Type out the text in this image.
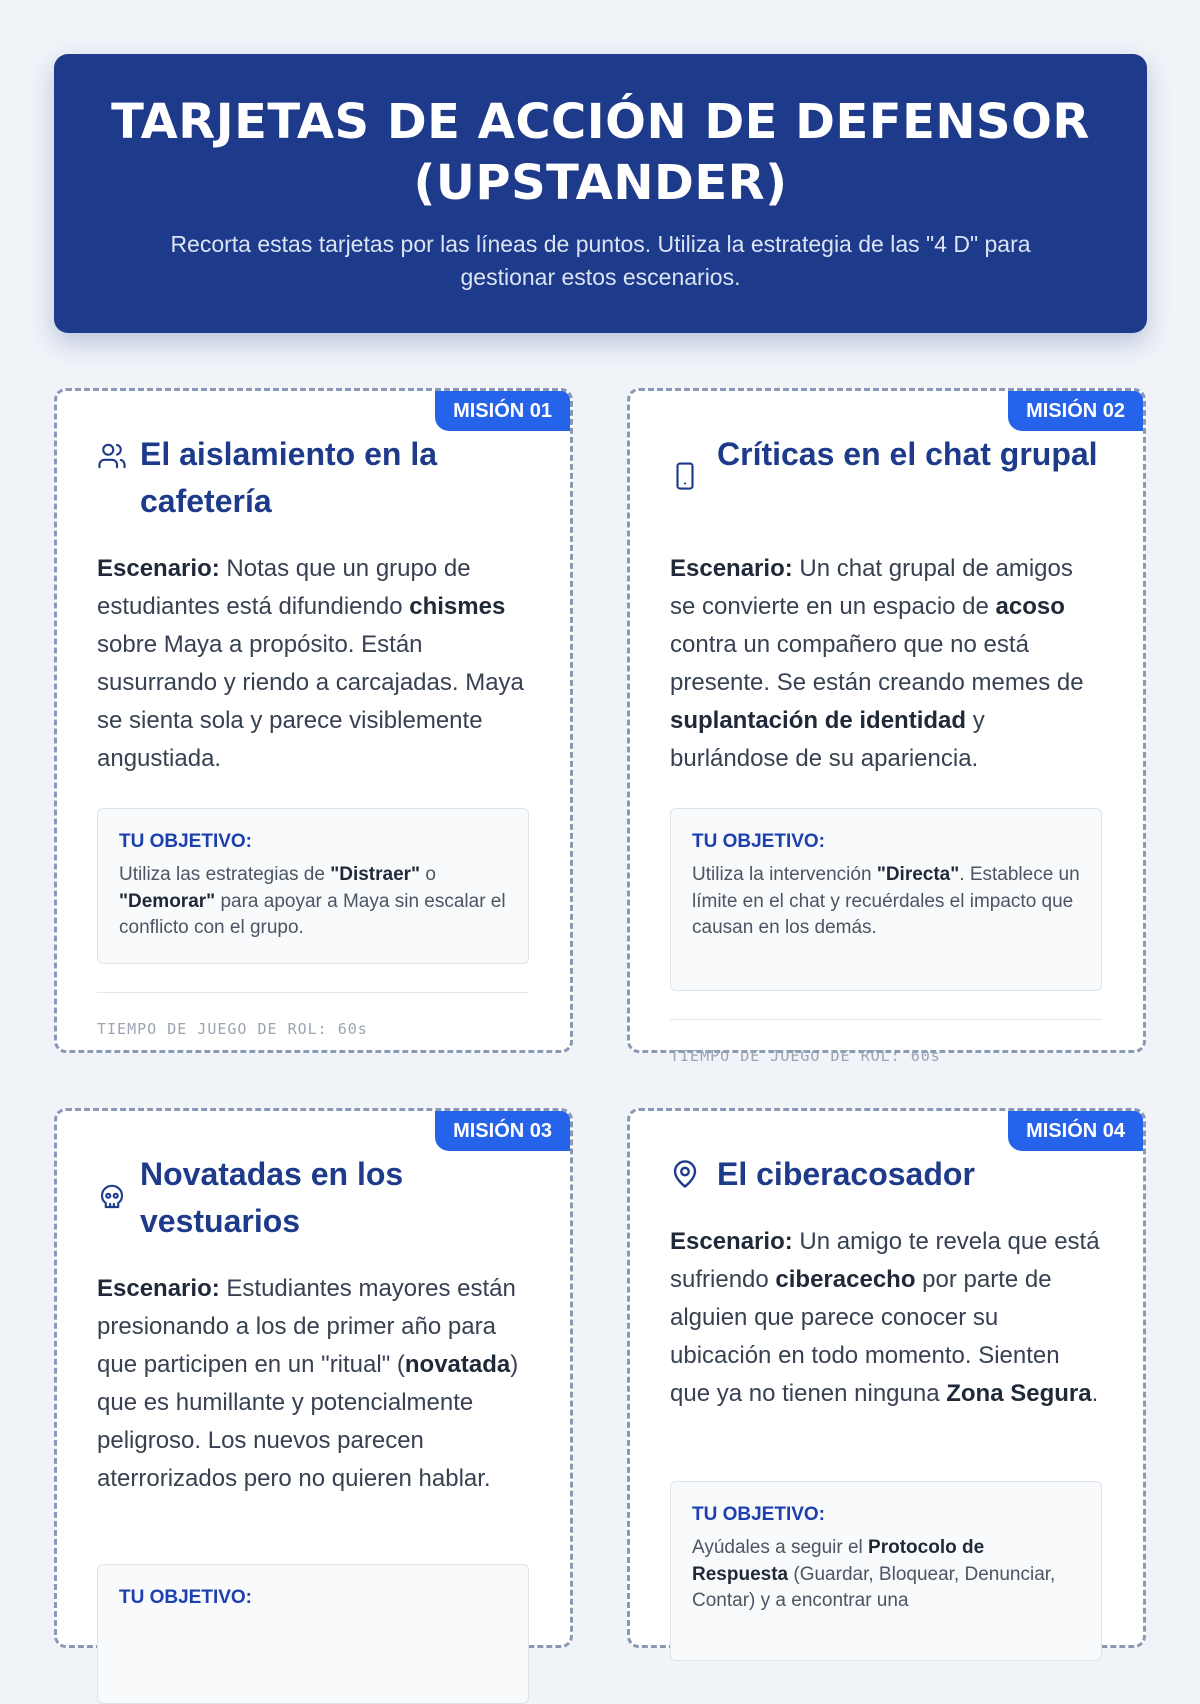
TARJETAS DE ACCIÓN DE DEFENSOR (UPSTANDER)

Recorta estas tarjetas por las líneas de puntos. Utiliza la estrategia de las "4 D" para gestionar estos escenarios.

MISIÓN 01
El aislamiento en la cafetería
Escenario: Notas que un grupo de estudiantes está difundiendo chismes sobre Maya a propósito. Están susurrando y riendo a carcajadas. Maya se sienta sola y parece visiblemente angustiada.
TU OBJETIVO:
Utiliza las estrategias de "Distraer" o "Demorar" para apoyar a Maya sin escalar el conflicto con el grupo.
TIEMPO DE JUEGO DE ROL: 60s
MISIÓN 02
Críticas en el chat grupal
Escenario: Un chat grupal de amigos se convierte en un espacio de acoso contra un compañero que no está presente. Se están creando memes de suplantación de identidad y burlándose de su apariencia.
TU OBJETIVO:
Utiliza la intervención "Directa". Establece un límite en el chat y recuérdales el impacto que causan en los demás.
TIEMPO DE JUEGO DE ROL: 60s
MISIÓN 03
Novatadas en los vestuarios
Escenario: Estudiantes mayores están presionando a los de primer año para que participen en un "ritual" (novatada) que es humillante y potencialmente peligroso. Los nuevos parecen aterrorizados pero no quieren hablar.
TU OBJETIVO:
MISIÓN 04
El ciberacosador
Escenario: Un amigo te revela que está sufriendo ciberacecho por parte de alguien que parece conocer su ubicación en todo momento. Sienten que ya no tienen ninguna Zona Segura.
TU OBJETIVO:
Ayúdales a seguir el Protocolo de Respuesta (Guardar, Bloquear, Denunciar, Contar) y a encontrar una
